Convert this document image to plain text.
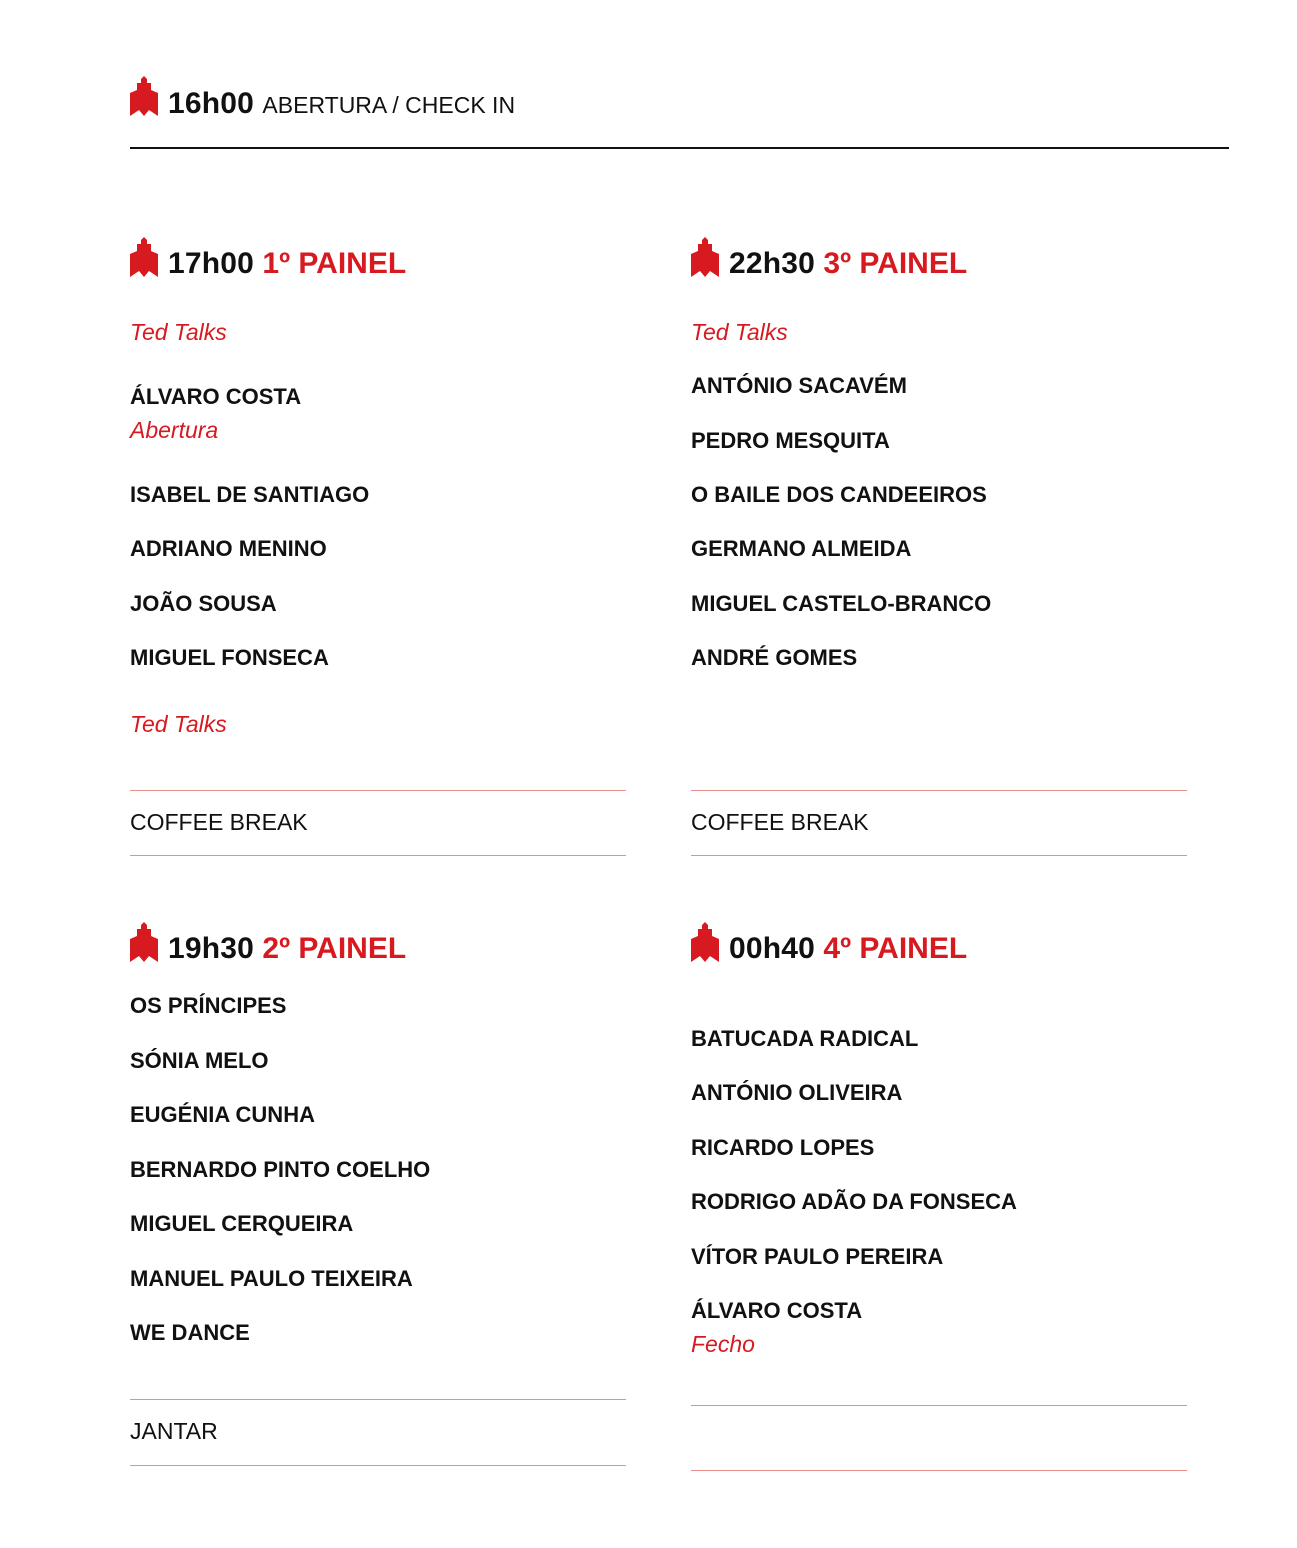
16h00 ABERTURA / CHECK IN
17h00 1º PAINEL
Ted Talks
ÁLVARO COSTA
Abertura
ISABEL DE SANTIAGO
ADRIANO MENINO
JOÃO SOUSA
MIGUEL FONSECA
Ted Talks
COFFEE BREAK
22h30 3º PAINEL
Ted Talks
ANTÓNIO SACAVÉM
PEDRO MESQUITA
O BAILE DOS CANDEEIROS
GERMANO ALMEIDA
MIGUEL CASTELO-BRANCO
ANDRÉ GOMES
COFFEE BREAK
19h30 2º PAINEL
OS PRÍNCIPES
SÓNIA MELO
EUGÉNIA CUNHA
BERNARDO PINTO COELHO
MIGUEL CERQUEIRA
MANUEL PAULO TEIXEIRA
WE DANCE
JANTAR
00h40 4º PAINEL
BATUCADA RADICAL
ANTÓNIO OLIVEIRA
RICARDO LOPES
RODRIGO ADÃO DA FONSECA
VÍTOR PAULO PEREIRA
ÁLVARO COSTA
Fecho
